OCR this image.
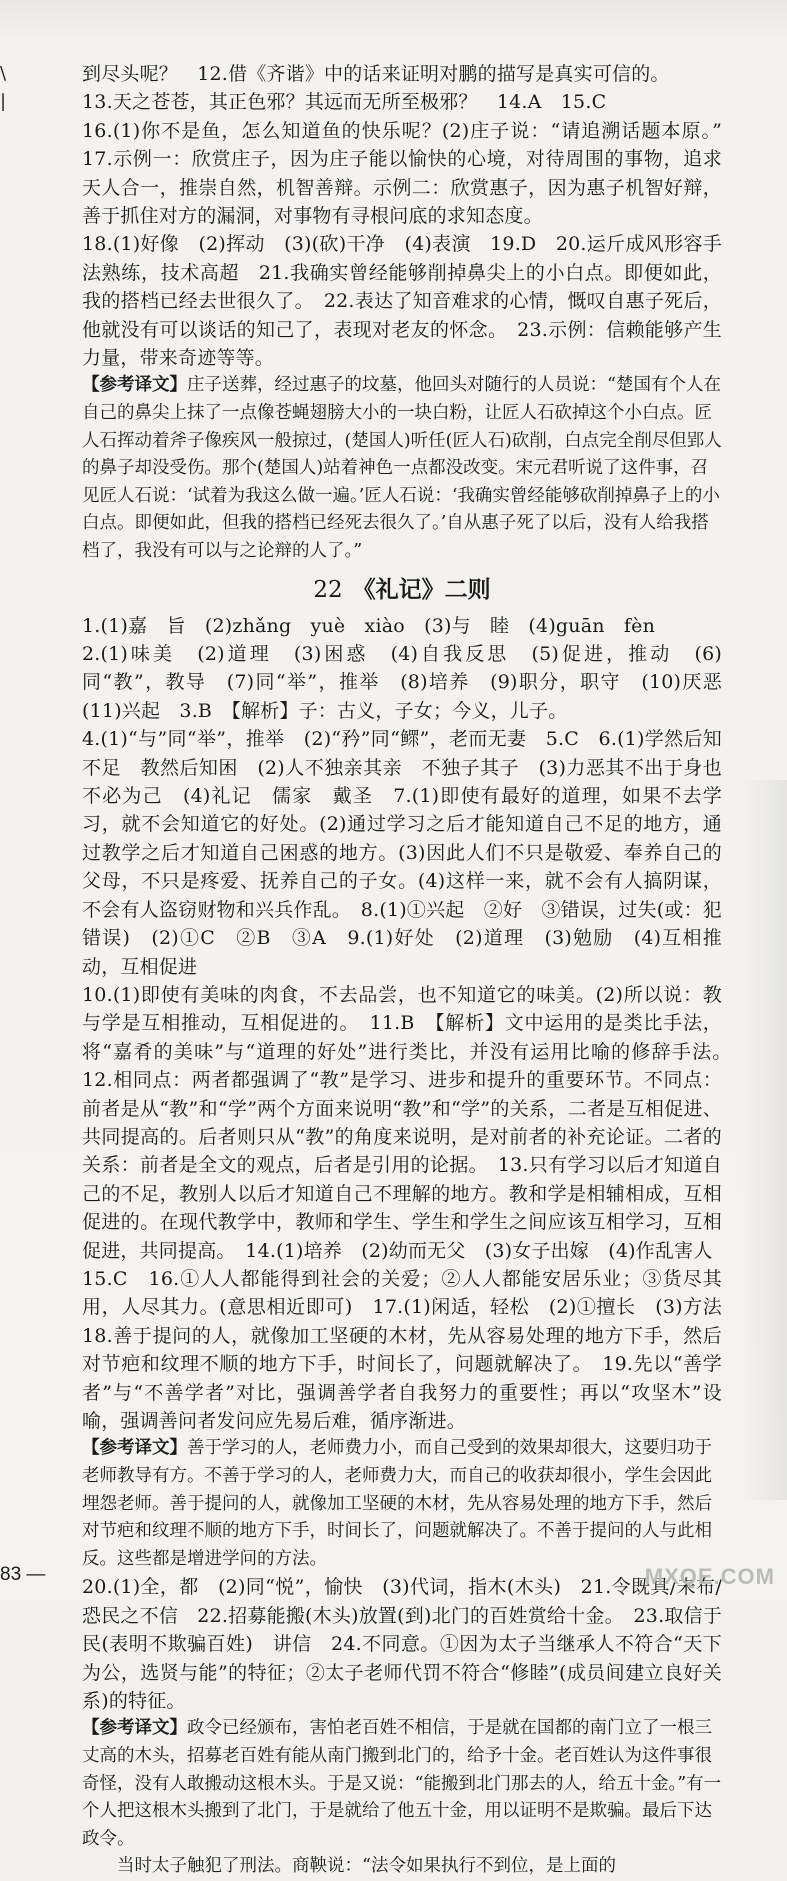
\
|

到尽头呢？　12.借《齐谐》中的话来证明对鹏的描写是真实可信的。

13.天之苍苍，其正色邪？其远而无所至极邪？　14.A　15.C

16.(1)你不是鱼，怎么知道鱼的快乐呢？(2)庄子说：“请追溯话题本原。”　17.示例一：欣赏庄子，因为庄子能以愉快的心境，对待周围的事物，追求天人合一，推崇自然，机智善辩。示例二：欣赏惠子，因为惠子机智好辩，善于抓住对方的漏洞，对事物有寻根问底的求知态度。

18.(1)好像　(2)挥动　(3)(砍)干净　(4)表演　19.D　20.运斤成风形容手法熟练，技术高超　21.我确实曾经能够削掉鼻尖上的小白点。即便如此，我的搭档已经去世很久了。　22.表达了知音难求的心情，慨叹自惠子死后，他就没有可以谈话的知己了，表现对老友的怀念。　23.示例：信赖能够产生力量，带来奇迹等等。

【参考译文】庄子送葬，经过惠子的坟墓，他回头对随行的人员说：“楚国有个人在自己的鼻尖上抹了一点像苍蝇翅膀大小的一块白粉，让匠人石砍掉这个小白点。匠人石挥动着斧子像疾风一般掠过，(楚国人)听任(匠人石)砍削，白点完全削尽但郢人的鼻子却没受伤。那个(楚国人)站着神色一点都没改变。宋元君听说了这件事，召见匠人石说：‘试着为我这么做一遍。’匠人石说：‘我确实曾经能够砍削掉鼻子上的小白点。即便如此，但我的搭档已经死去很久了。’自从惠子死了以后，没有人给我搭档了，我没有可以与之论辩的人了。”

22 《礼记》二则

1.(1)嘉　旨　(2)zhǎng　yuè　xiào　(3)与　睦　(4)guān　fèn

2.(1)味美　(2)道理　(3)困惑　(4)自我反思　(5)促进，推动　(6)同“教”，教导　(7)同“举”，推举　(8)培养　(9)职分，职守　(10)厌恶　(11)兴起　3.B　【解析】子：古义，子女；今义，儿子。

4.(1)“与”同“举”，推举　(2)“矜”同“鳏”，老而无妻　5.C　6.(1)学然后知不足　教然后知困　(2)人不独亲其亲　不独子其子　(3)力恶其不出于身也　不必为己　(4)礼记　儒家　戴圣　7.(1)即使有最好的道理，如果不去学习，就不会知道它的好处。(2)通过学习之后才能知道自己不足的地方，通过教学之后才知道自己困惑的地方。(3)因此人们不只是敬爱、奉养自己的父母，不只是疼爱、抚养自己的子女。(4)这样一来，就不会有人搞阴谋，不会有人盗窃财物和兴兵作乱。　8.(1)①兴起　②好　③错误，过失(或：犯错误)　(2)①C　②B　③A　9.(1)好处　(2)道理　(3)勉励　(4)互相推动，互相促进

10.(1)即使有美味的肉食，不去品尝，也不知道它的味美。(2)所以说：教与学是互相推动，互相促进的。　11.B　【解析】文中运用的是类比手法，将“嘉肴的美味”与“道理的好处”进行类比，并没有运用比喻的修辞手法。　12.相同点：两者都强调了“教”是学习、进步和提升的重要环节。不同点：前者是从“教”和“学”两个方面来说明“教”和“学”的关系，二者是互相促进、共同提高的。后者则只从“教”的角度来说明，是对前者的补充论证。二者的关系：前者是全文的观点，后者是引用的论据。　13.只有学习以后才知道自己的不足，教别人以后才知道自己不理解的地方。教和学是相辅相成，互相促进的。在现代教学中，教师和学生、学生和学生之间应该互相学习，互相促进，共同提高。　14.(1)培养　(2)幼而无父　(3)女子出嫁　(4)作乱害人

15.C　16.①人人都能得到社会的关爱；②人人都能安居乐业；③货尽其用，人尽其力。(意思相近即可)　17.(1)闲适，轻松　(2)①擅长　(3)方法　18.善于提问的人，就像加工坚硬的木材，先从容易处理的地方下手，然后对节疤和纹理不顺的地方下手，时间长了，问题就解决了。　19.先以“善学者”与“不善学者”对比，强调善学者自我努力的重要性；再以“攻坚木”设喻，强调善问者发问应先易后难，循序渐进。

【参考译文】善于学习的人，老师费力小，而自己受到的效果却很大，这要归功于老师教导有方。不善于学习的人，老师费力大，而自己的收获却很小，学生会因此埋怨老师。善于提问的人，就像加工坚硬的木材，先从容易处理的地方下手，然后对节疤和纹理不顺的地方下手，时间长了，问题就解决了。不善于提问的人与此相反。这些都是增进学问的方法。

20.(1)全，都　(2)同“悦”，愉快　(3)代词，指木(木头)　21.令既具/未布/恐民之不信　22.招募能搬(木头)放置(到)北门的百姓赏给十金。　23.取信于民(表明不欺骗百姓)　讲信　24.不同意。①因为太子当继承人不符合“天下为公，选贤与能”的特征；②太子老师代罚不符合“修睦”(成员间建立良好关系)的特征。

【参考译文】政令已经颁布，害怕老百姓不相信，于是就在国都的南门立了一根三丈高的木头，招募老百姓有能从南门搬到北门的，给予十金。老百姓认为这件事很奇怪，没有人敢搬动这根木头。于是又说：“能搬到北门那去的人，给五十金。”有一个人把这根木头搬到了北门，于是就给了他五十金，用以证明不是欺骗。最后下达政令。

当时太子触犯了刑法。商鞅说：“法令如果执行不到位，是上面的

83 —	MXQE.COM
